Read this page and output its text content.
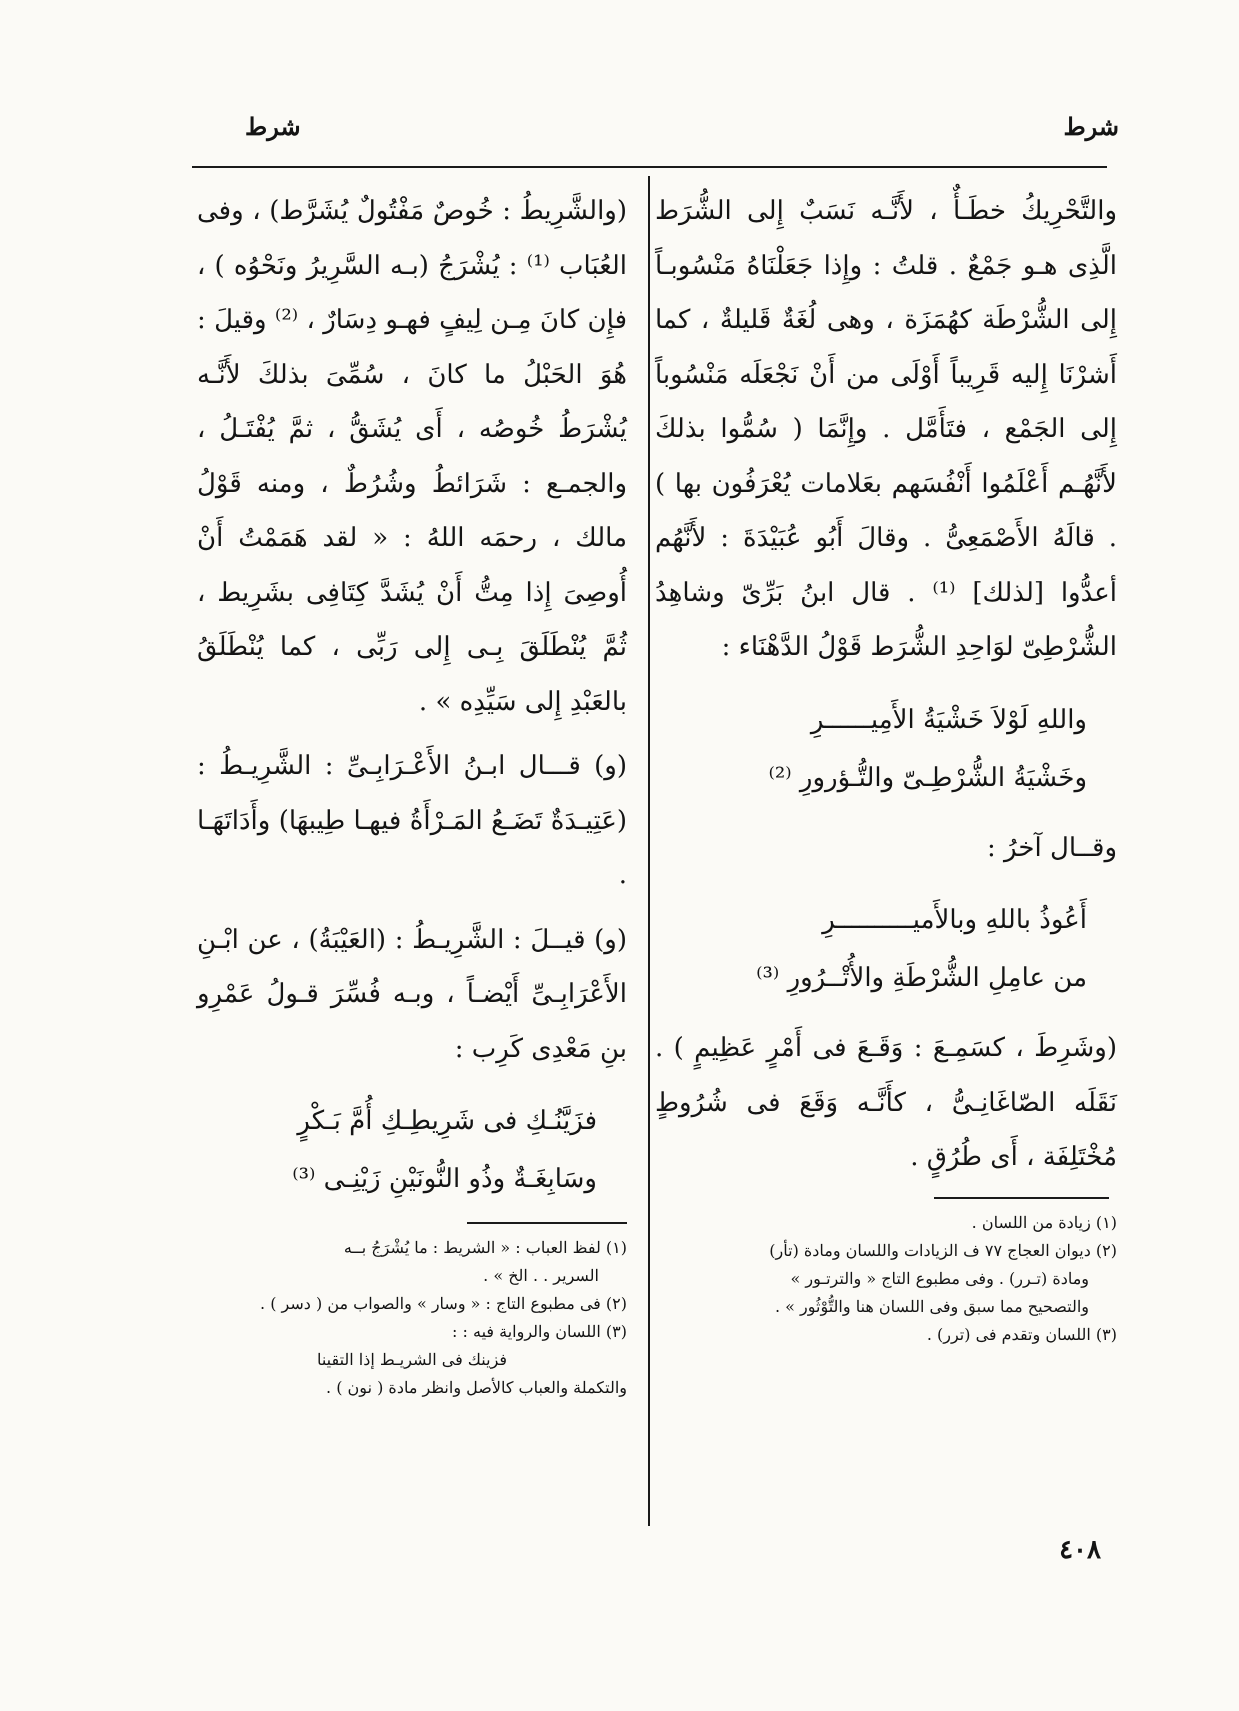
شرط
شرط

والتَّحْرِيكُ خطَـأٌ ، لأَنَّـه نَسَبٌ إِلى الشُّرَط الَّذِى هـو جَمْعٌ . قلتُ : وإِذا جَعَلْنَاهُ مَنْسُوبـاً إِلى الشُّرْطَة كهُمَزَة ، وهى لُغَةٌ قَليلةٌ ، كما أَشرْنَا إِليه قَرِيباً أَوْلَى من أَنْ نَجْعَلَه مَنْسُوباً إِلى الجَمْع ، فتَأَمَّل . وإِنَّمَا ( سُمُّوا بذلكَ لأَنَّهُـم أَعْلَمُوا أَنْفُسَهم بعَلامات يُعْرَفُون بها ) . قالَهُ الأَصْمَعِىُّ . وقالَ أَبُو عُبَيْدَةَ : لأَنَّهُم أعدُّوا [لذلك] ⁽¹⁾ . قال ابنُ بَرِّىّ وشاهِدُ الشُّرْطِىّ لوَاحِدِ الشُّرَط قَوْلُ الدَّهْنَاء :

واللهِ لَوْلاَ خَشْيَةُ الأَمِيــــــرِ
وخَشْيَةُ الشُّرْطِـىّ والتُّـؤرورِ ⁽²⁾

وقــال آخرُ :

أَعُوذُ باللهِ وبالأَميــــــــــرِ
من عامِلِ الشُّرْطَةِ والأُتْــرُورِ ⁽³⁾

(وشَرِطَ ، كسَمِـعَ : وَقَـعَ فى أَمْرٍ عَظِيمٍ ) . نَقَلَه الصّاغَانِـىُّ ، كأَنَّـه وَقَعَ فى شُرُوطٍ مُخْتَلِفَة ، أَى طُرُقٍ .

(١) زيادة من اللسان .

(٢) ديوان العجاج ٧٧ ف الزيادات واللسان ومادة (تأر)

ومادة (تـرر) . وفى مطبوع التاج « والترتـور »

والتصحيح مما سبق وفى اللسان هنا والتُّوْثُور » .

(٣) اللسان وتقدم فى (ترر) .

(والشَّرِيطُ : خُوصٌ مَفْتُولٌ يُشَرَّط) ، وفى العُبَاب ⁽¹⁾ : يُشْرَجُ (بـه السَّرِيرُ ونَحْوُه ) ، فإِن كانَ مِـن لِيفٍ فهـو دِسَارٌ ، ⁽²⁾ وقيلَ : هُوَ الحَبْلُ ما كانَ ، سُمِّىَ بذلكَ لأَنَّـه يُشْرَطُ خُوصُه ، أَى يُشَقُّ ، ثمَّ يُفْتَـلُ ، والجمـع : شَرَائطُ وشُرُطٌ ، ومنه قَوْلُ مالك ، رحمَه اللهُ : « لقد هَمَمْتُ أَنْ أُوصِىَ إِذا مِتُّ أَنْ يُشَدَّ كِتَافِى بشَرِيط ، ثُمَّ يُنْطَلَقَ بِـى إِلى رَبِّى ، كما يُنْطَلَقُ بالعَبْدِ إِلى سَيِّدِه » .

(و) قـــال ابـنُ الأَعْـرَابِـىِّ : الشَّرِيـطُ : (عَتِيـدَةٌ تَضَـعُ المَـرْأَةُ فيهـا طِيبهَا) وأَدَاتَهَـا .

(و) قيــلَ : الشَّرِيـطُ : (العَيْبَةُ) ، عن ابْـنِ الأَعْرَابِـىِّ أَيْضـاً ، وبـه فُسِّرَ قـولُ عَمْرِو بنِ مَعْدِى كَرِب :

فزَيَّنُـكِ فى شَرِيطِـكِ أُمَّ بَـكْرٍ
وسَابِغَـةٌ وذُو النُّونَيْنِ زَيْنِـى ⁽³⁾

(١) لفظ العباب : « الشريط : ما يُشْرَجُ بــه

السرير . . الخ » .

(٢) فى مطبوع التاج : « وسار » والصواب من ( دسر ) .

(٣) اللسان والرواية فيه : :

فزينك فى الشريـط إذا التقينا

والتكملة والعباب كالأصل وانظر مادة ( نون ) .

٤٠٨
